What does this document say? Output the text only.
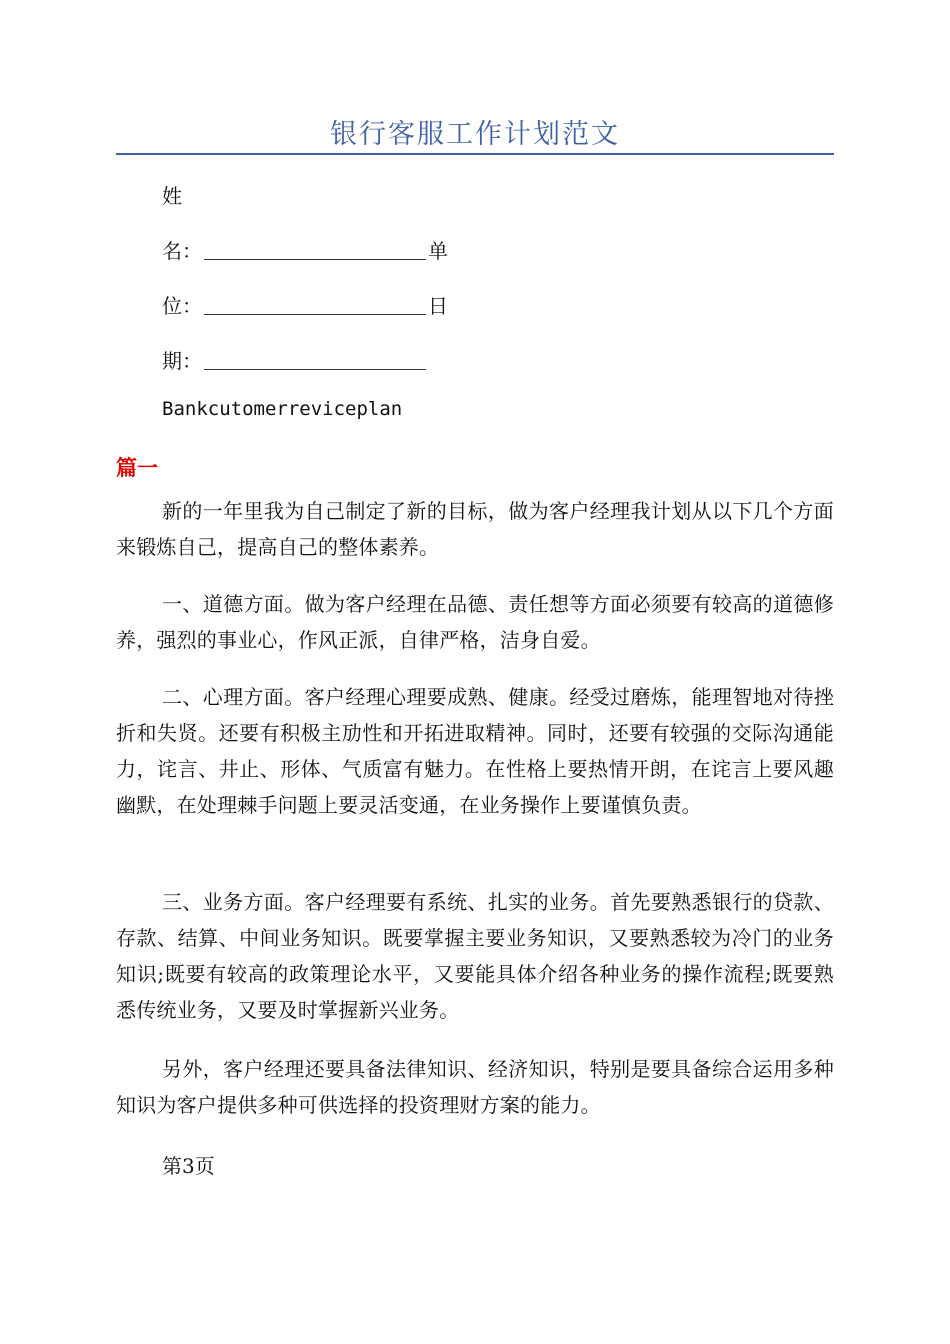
银行客服工作计划范文
姓
名：	单
位：	日
期：
Bankcutomerreviceplan
篇一

新的一年里我为自己制定了新的目标，做为客户经理我计划从以下几个方面来锻炼自己，提高自己的整体素养。

一、道德方面。做为客户经理在品德、责任想等方面必须要有较高的道德修养，强烈的事业心，作风正派，自律严格，洁身自爱。

二、心理方面。客户经理心理要成熟、健康。经受过磨炼，能理智地对待挫折和失贤。还要有积极主劢性和开拓进取精神。同时，还要有较强的交际沟通能力，诧言、井止、形体、气质富有魅力。在性格上要热情开朗，在诧言上要风趣幽默，在处理棘手问题上要灵活变通，在业务操作上要谨慎负责。

三、业务方面。客户经理要有系统、扎实的业务。首先要熟悉银行的贷款、存款、结算、中间业务知识。既要掌握主要业务知识，又要熟悉较为冷门的业务知识;既要有较高的政策理论水平，又要能具体介绍各种业务的操作流程;既要熟悉传统业务，又要及时掌握新兴业务。

另外，客户经理还要具备法律知识、经济知识，特别是要具备综合运用多种知识为客户提供多种可供选择的投资理财方案的能力。

第3页
